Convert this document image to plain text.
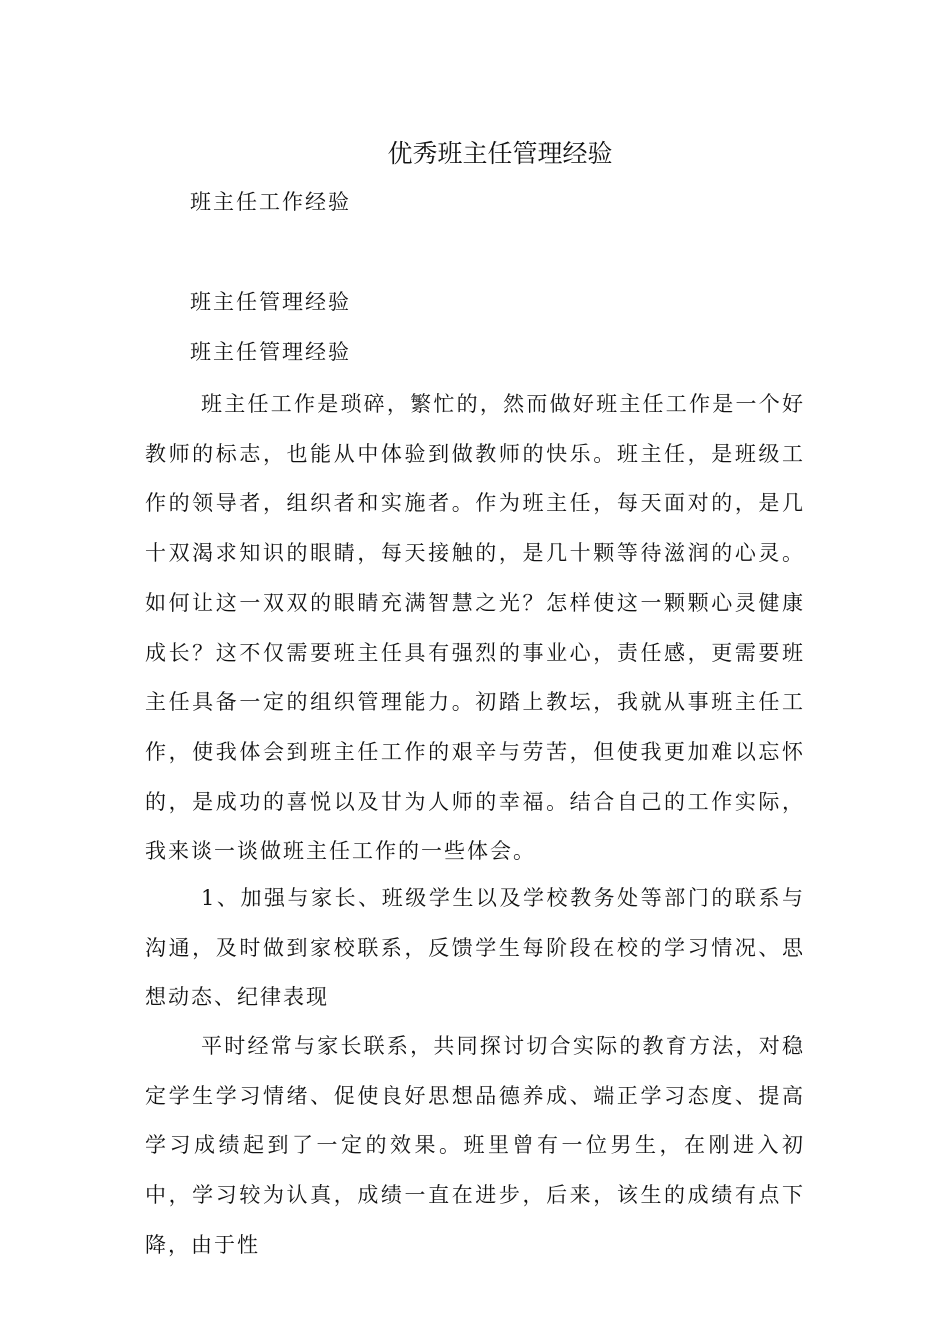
优秀班主任管理经验

班主任工作经验

班主任管理经验

班主任管理经验

班主任工作是琐碎，繁忙的，然而做好班主任工作是一个好教师的标志，也能从中体验到做教师的快乐。班主任，是班级工作的领导者，组织者和实施者。作为班主任，每天面对的，是几十双渴求知识的眼睛，每天接触的，是几十颗等待滋润的心灵。如何让这一双双的眼睛充满智慧之光？怎样使这一颗颗心灵健康成长？这不仅需要班主任具有强烈的事业心，责任感，更需要班主任具备一定的组织管理能力。初踏上教坛，我就从事班主任工作，使我体会到班主任工作的艰辛与劳苦，但使我更加难以忘怀的，是成功的喜悦以及甘为人师的幸福。结合自己的工作实际，我来谈一谈做班主任工作的一些体会。

1、加强与家长、班级学生以及学校教务处等部门的联系与沟通，及时做到家校联系，反馈学生每阶段在校的学习情况、思想动态、纪律表现

平时经常与家长联系，共同探讨切合实际的教育方法，对稳定学生学习情绪、促使良好思想品德养成、端正学习态度、提高学习成绩起到了一定的效果。班里曾有一位男生，在刚进入初中，学习较为认真，成绩一直在进步，后来，该生的成绩有点下降，由于性
